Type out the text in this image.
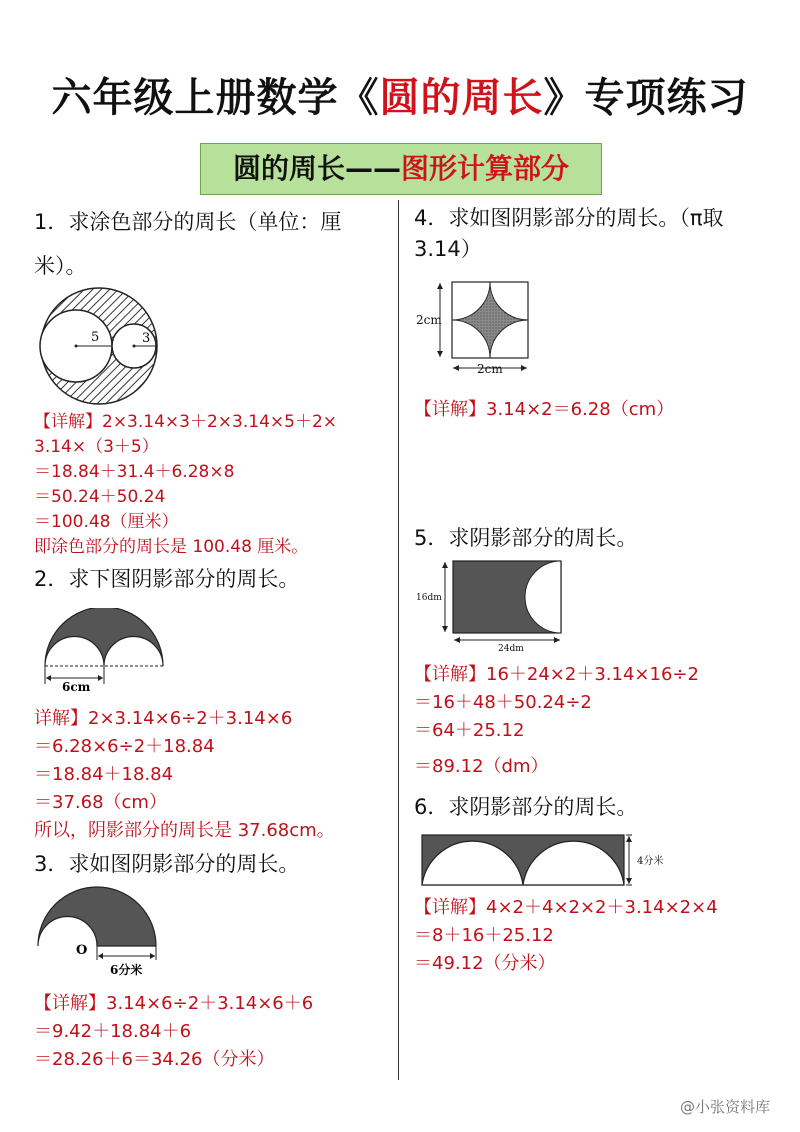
六年级上册数学《圆的周长》专项练习
圆的周长——图形计算部分
1．求涂色部分的周长（单位：厘
米）。
5	3
【详解】2×3.14×3＋2×3.14×5＋2×
3.14×（3＋5）
＝18.84＋31.4＋6.28×8
＝50.24＋50.24
＝100.48（厘米）
即涂色部分的周长是 100.48 厘米。
2．求下图阴影部分的周长。
6cm
详解】2×3.14×6÷2＋3.14×6
＝6.28×6÷2＋18.84
＝18.84＋18.84
＝37.68（cm）
所以，阴影部分的周长是 37.68cm。
3．求如图阴影部分的周长。
O
6分米
【详解】3.14×6÷2＋3.14×6＋6
＝9.42＋18.84＋6
＝28.26＋6＝34.26（分米）
4．求如图阴影部分的周长。（π取
3.14）
2cm
2cm
【详解】3.14×2＝6.28（cm）
5．求阴影部分的周长。
16dm
24dm
【详解】16＋24×2＋3.14×16÷2
＝16＋48＋50.24÷2
＝64＋25.12
＝89.12（dm）
6．求阴影部分的周长。
4分米
【详解】4×2＋4×2×2＋3.14×2×4
＝8＋16＋25.12
＝49.12（分米）
@小张资料库
